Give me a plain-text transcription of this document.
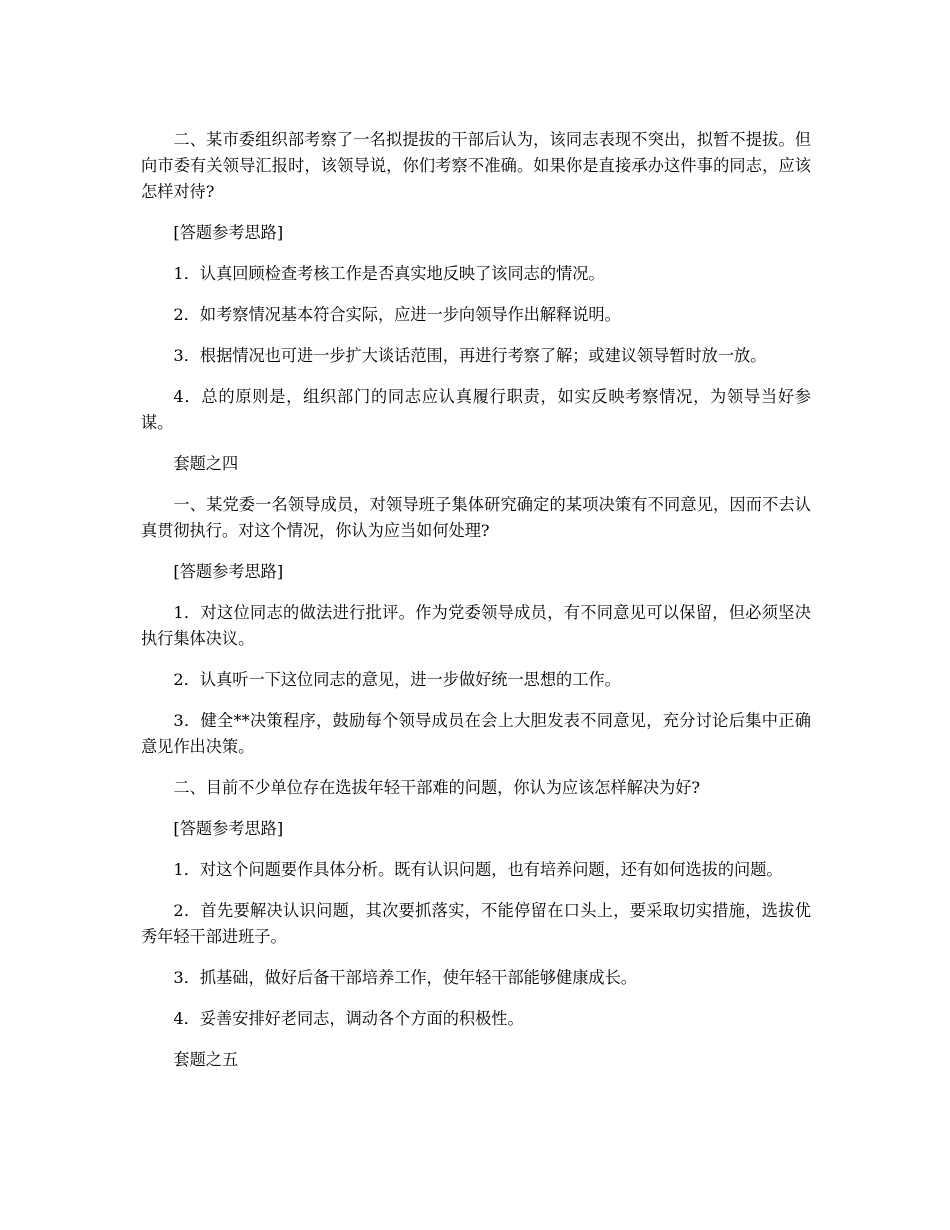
二、某市委组织部考察了一名拟提拔的干部后认为，该同志表现不突出，拟暂不提拔。但向市委有关领导汇报时，该领导说，你们考察不准确。如果你是直接承办这件事的同志，应该怎样对待?

[答题参考思路]

1．认真回顾检查考核工作是否真实地反映了该同志的情况。

2．如考察情况基本符合实际，应进一步向领导作出解释说明。

3．根据情况也可进一步扩大谈话范围，再进行考察了解；或建议领导暂时放一放。

4．总的原则是，组织部门的同志应认真履行职责，如实反映考察情况，为领导当好参谋。

套题之四

一、某党委一名领导成员，对领导班子集体研究确定的某项决策有不同意见，因而不去认真贯彻执行。对这个情况，你认为应当如何处理?

[答题参考思路]

1．对这位同志的做法进行批评。作为党委领导成员，有不同意见可以保留，但必须坚决执行集体决议。

2．认真听一下这位同志的意见，进一步做好统一思想的工作。

3．健全**决策程序，鼓励每个领导成员在会上大胆发表不同意见，充分讨论后集中正确意见作出决策。

二、目前不少单位存在选拔年轻干部难的问题，你认为应该怎样解决为好?

[答题参考思路]

1．对这个问题要作具体分析。既有认识问题，也有培养问题，还有如何选拔的问题。

2．首先要解决认识问题，其次要抓落实，不能停留在口头上，要采取切实措施，选拔优秀年轻干部进班子。

3．抓基础，做好后备干部培养工作，使年轻干部能够健康成长。

4．妥善安排好老同志，调动各个方面的积极性。

套题之五
